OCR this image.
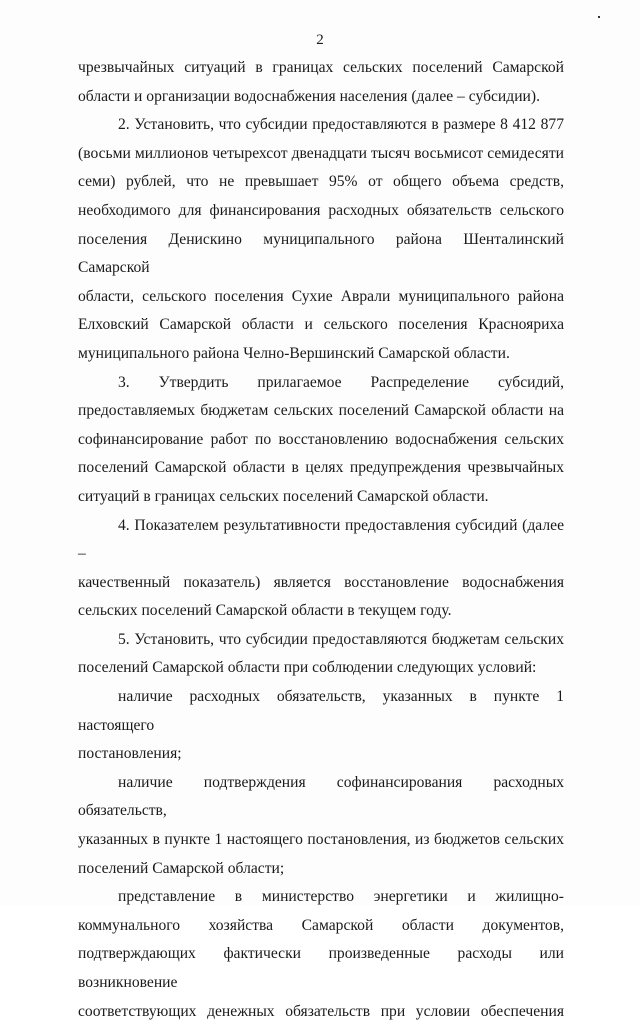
2

чрезвычайных ситуаций в границах сельских поселений Самарской

области и организации водоснабжения населения (далее – субсидии).

2. Установить, что субсидии предоставляются в размере 8 412 877

(восьми миллионов четырехсот двенадцати тысяч восьмисот семидесяти

семи) рублей, что не превышает 95% от общего объема средств,

необходимого для финансирования расходных обязательств сельского

поселения Денискино муниципального района Шенталинский Самарской

области, сельского поселения Сухие Аврали муниципального района

Елховский Самарской области и сельского поселения Краснояриха

муниципального района Челно-Вершинский Самарской области.

3. Утвердить прилагаемое Распределение субсидий,

предоставляемых бюджетам сельских поселений Самарской области на

софинансирование работ по восстановлению водоснабжения сельских

поселений Самарской области в целях предупреждения чрезвычайных

ситуаций в границах сельских поселений Самарской области.

4. Показателем результативности предоставления субсидий (далее –

качественный показатель) является восстановление водоснабжения

сельских поселений Самарской области в текущем году.

5. Установить, что субсидии предоставляются бюджетам сельских

поселений Самарской области при соблюдении следующих условий:

наличие расходных обязательств, указанных в пункте 1 настоящего

постановления;

наличие подтверждения софинансирования расходных обязательств,

указанных в пункте 1 настоящего постановления, из бюджетов сельских

поселений Самарской области;

представление в министерство энергетики и жилищно-

коммунального хозяйства Самарской области документов,

подтверждающих фактически произведенные расходы или возникновение

соответствующих денежных обязательств при условии обеспечения
